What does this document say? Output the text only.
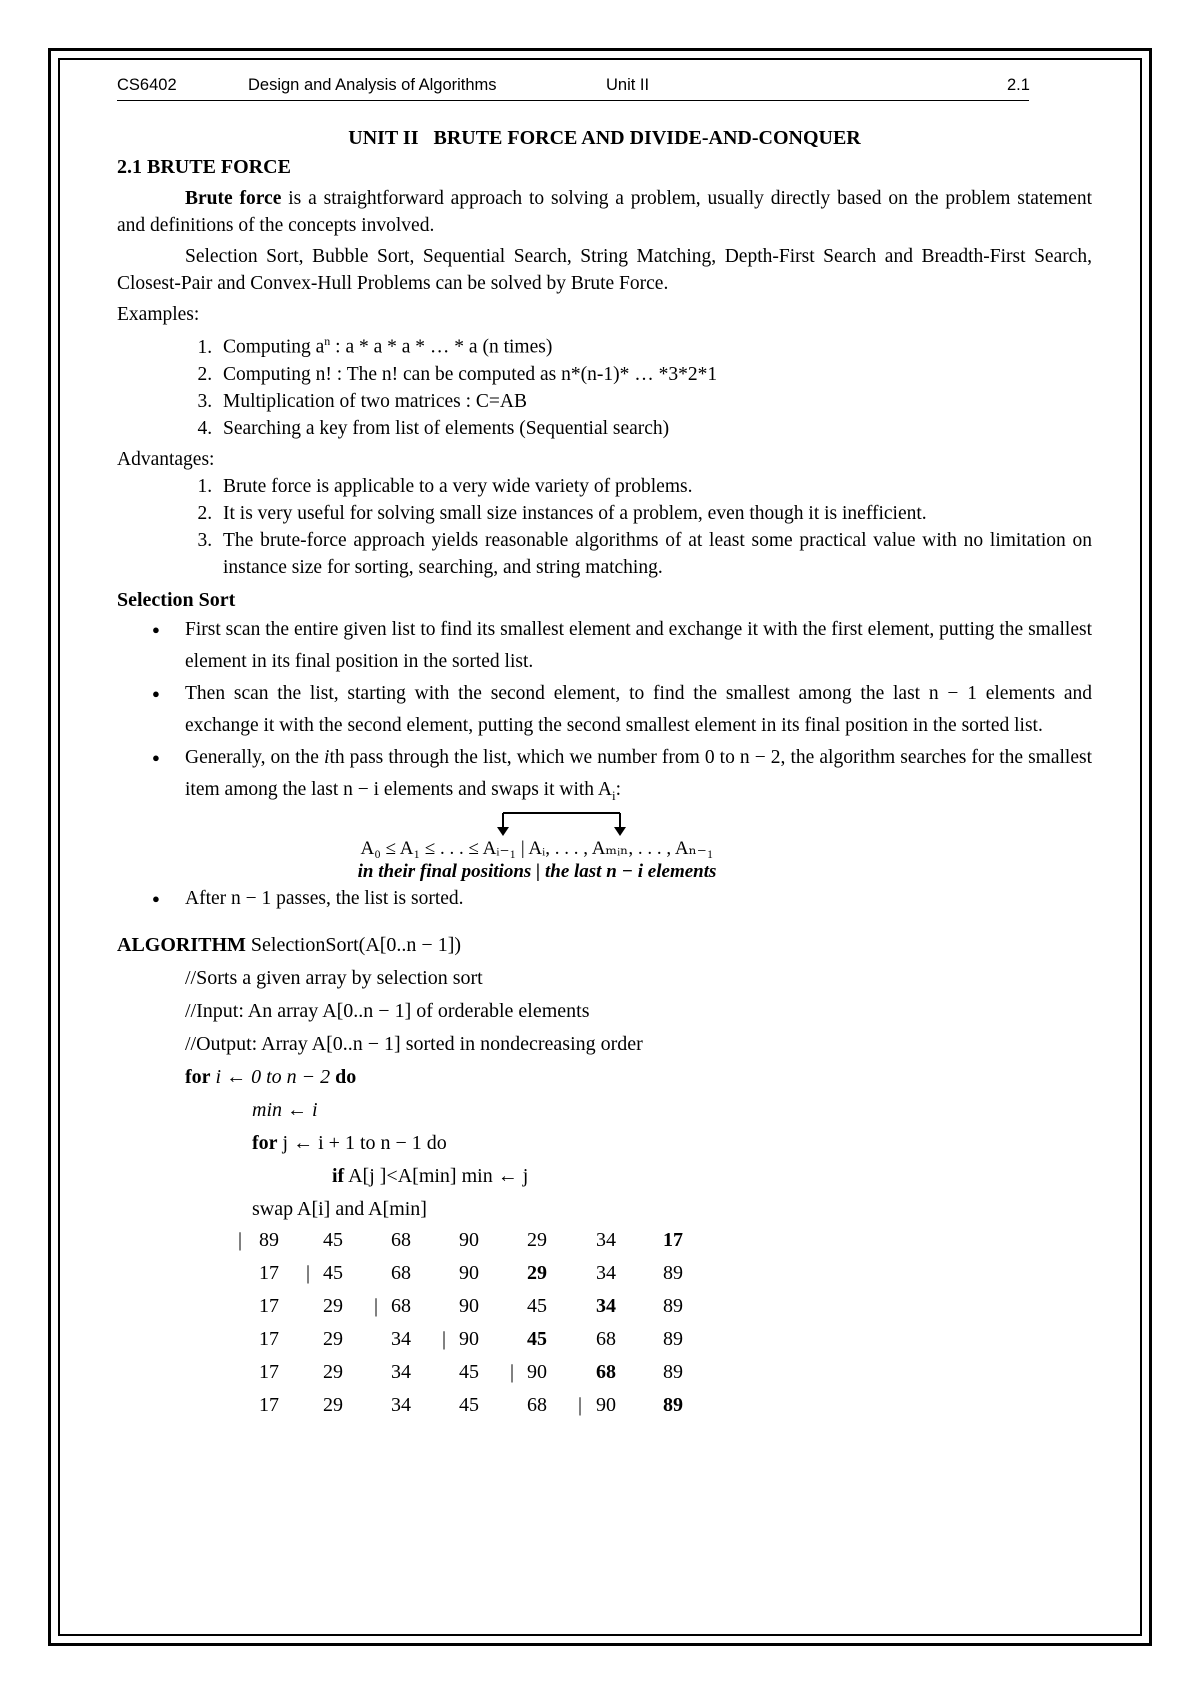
CS6402	Design and Analysis of Algorithms	Unit II	2.1
UNIT II   BRUTE FORCE AND DIVIDE-AND-CONQUER
2.1 BRUTE FORCE

Brute force is a straightforward approach to solving a problem, usually directly based on the problem statement and definitions of the concepts involved.

Selection Sort, Bubble Sort, Sequential Search, String Matching, Depth-First Search and Breadth-First Search, Closest-Pair and Convex-Hull Problems can be solved by Brute Force.

Examples:
1. Computing $a^n$ : a * a * a * … * a (n times)
2. Computing n! : The n! can be computed as n*(n-1)* … *3*2*1
3. Multiplication of two matrices : C=AB
4. Searching a key from list of elements (Sequential search)
Advantages:
1. Brute force is applicable to a very wide variety of problems.
2. It is very useful for solving small size instances of a problem, even though it is inefficient.
3. The brute-force approach yields reasonable algorithms of at least some practical value with no limitation on instance size for sorting, searching, and string matching.
Selection Sort
● First scan the entire given list to find its smallest element and exchange it with the first element, putting the smallest element in its final position in the sorted list.
● Then scan the list, starting with the second element, to find the smallest among the last n − 1 elements and exchange it with the second element, putting the second smallest element in its final position in the sorted list.
● Generally, on the ith pass through the list, which we number from 0 to n − 2, the algorithm searches for the smallest item among the last n − i elements and swaps it with $A_i$:
A₀ ≤ A₁ ≤ . . . ≤ Aᵢ₋₁ | Aᵢ, . . . , Aₘᵢₙ, . . . , Aₙ₋₁
in their final positions | the last n − i elements
● After n − 1 passes, the list is sorted.
ALGORITHM SelectionSort(A[0..n − 1])
//Sorts a given array by selection sort
//Input: An array A[0..n − 1] of orderable elements
//Output: Array A[0..n − 1] sorted in nondecreasing order
for i ← 0 to n − 2 do
min ← i
for j ← i + 1 to n − 1 do
if A[j ]<A[min] min ← j
swap A[i] and A[min]
| 89 45 68 90 29 34 17
|
17 45 68 90 29 34 89
|
17 29 68 90 45 34 89
|
17 29 34 90 45 68 89
|
17 29 34 45 90 68 89
|
17 29 34 45 68 90 89
